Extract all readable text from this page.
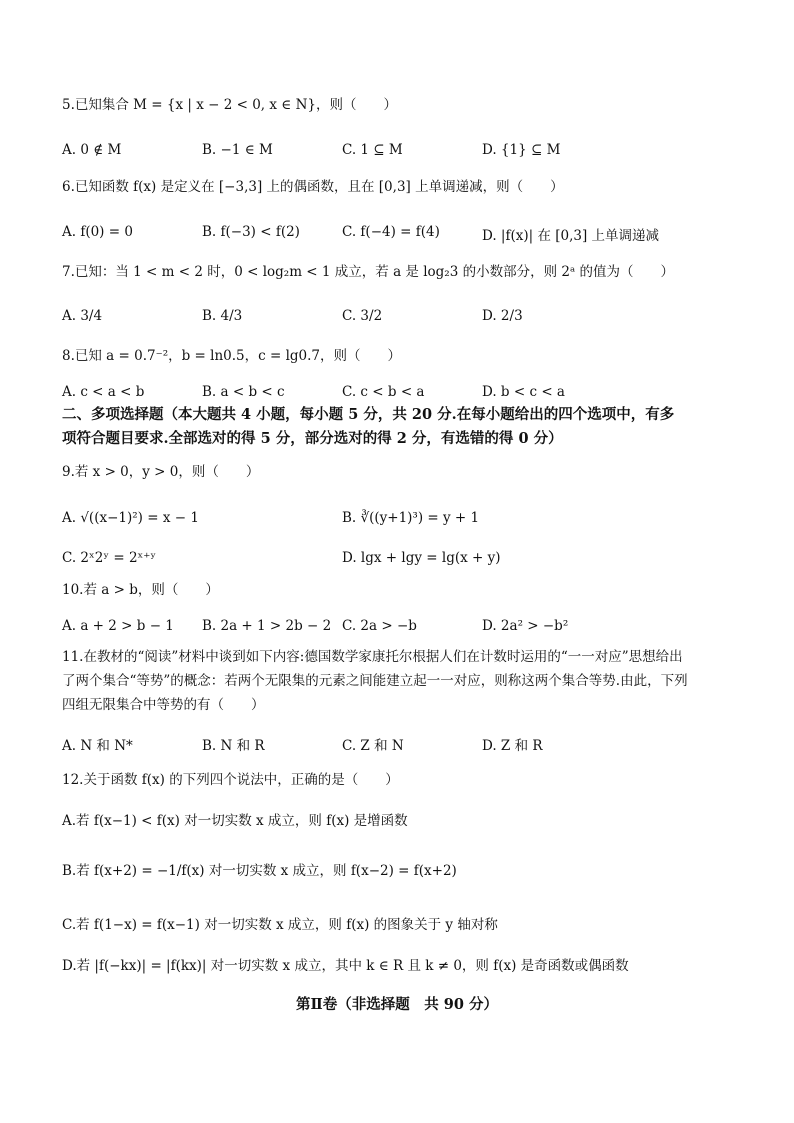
5.已知集合 M = {x | x − 2 < 0, x ∈ N}，则（　　）
A. 0 ∉ M	B. −1 ∈ M	C. 1 ⊆ M	D. {1} ⊆ M
6.已知函数 f(x) 是定义在 [−3,3] 上的偶函数，且在 [0,3] 上单调递减，则（　　）
A. f(0) = 0	B. f(−3) < f(2)	C. f(−4) = f(4)	D. |f(x)| 在 [0,3] 上单调递减
7.已知：当 1 < m < 2 时，0 < log₂m < 1 成立，若 a 是 log₂3 的小数部分，则 2ᵃ 的值为（　　）
A. 3/4	B. 4/3	C. 3/2	D. 2/3
8.已知 a = 0.7⁻²，b = ln0.5，c = lg0.7，则（　　）
A. c < a < b	B. a < b < c	C. c < b < a	D. b < c < a
二、多项选择题（本大题共 4 小题，每小题 5 分，共 20 分.在每小题给出的四个选项中，有多
项符合题目要求.全部选对的得 5 分，部分选对的得 2 分，有选错的得 0 分）
9.若 x > 0，y > 0，则（　　）
A. √((x−1)²) = x − 1	B. ∛((y+1)³) = y + 1
C. 2ˣ2ʸ = 2ˣ⁺ʸ	D. lgx + lgy = lg(x + y)
10.若 a > b，则（　　）
A. a + 2 > b − 1 B. 2a + 1 > 2b − 2 C. 2a > −b	D. 2a² > −b²
11.在教材的“阅读”材料中谈到如下内容:德国数学家康托尔根据人们在计数时运用的“一一对应”思想给出
了两个集合“等势”的概念：若两个无限集的元素之间能建立起一一对应，则称这两个集合等势.由此，下列
四组无限集合中等势的有（　　）
A. N 和 N*	B. N 和 R	C. Z 和 N	D. Z 和 R
12.关于函数 f(x) 的下列四个说法中，正确的是（　　）
A.若 f(x−1) < f(x) 对一切实数 x 成立，则 f(x) 是增函数
B.若 f(x+2) = −1/f(x) 对一切实数 x 成立，则 f(x−2) = f(x+2)
C.若 f(1−x) = f(x−1) 对一切实数 x 成立，则 f(x) 的图象关于 y 轴对称
D.若 |f(−kx)| = |f(kx)| 对一切实数 x 成立，其中 k ∈ R 且 k ≠ 0，则 f(x) 是奇函数或偶函数
第Ⅱ卷（非选择题　共 90 分）
